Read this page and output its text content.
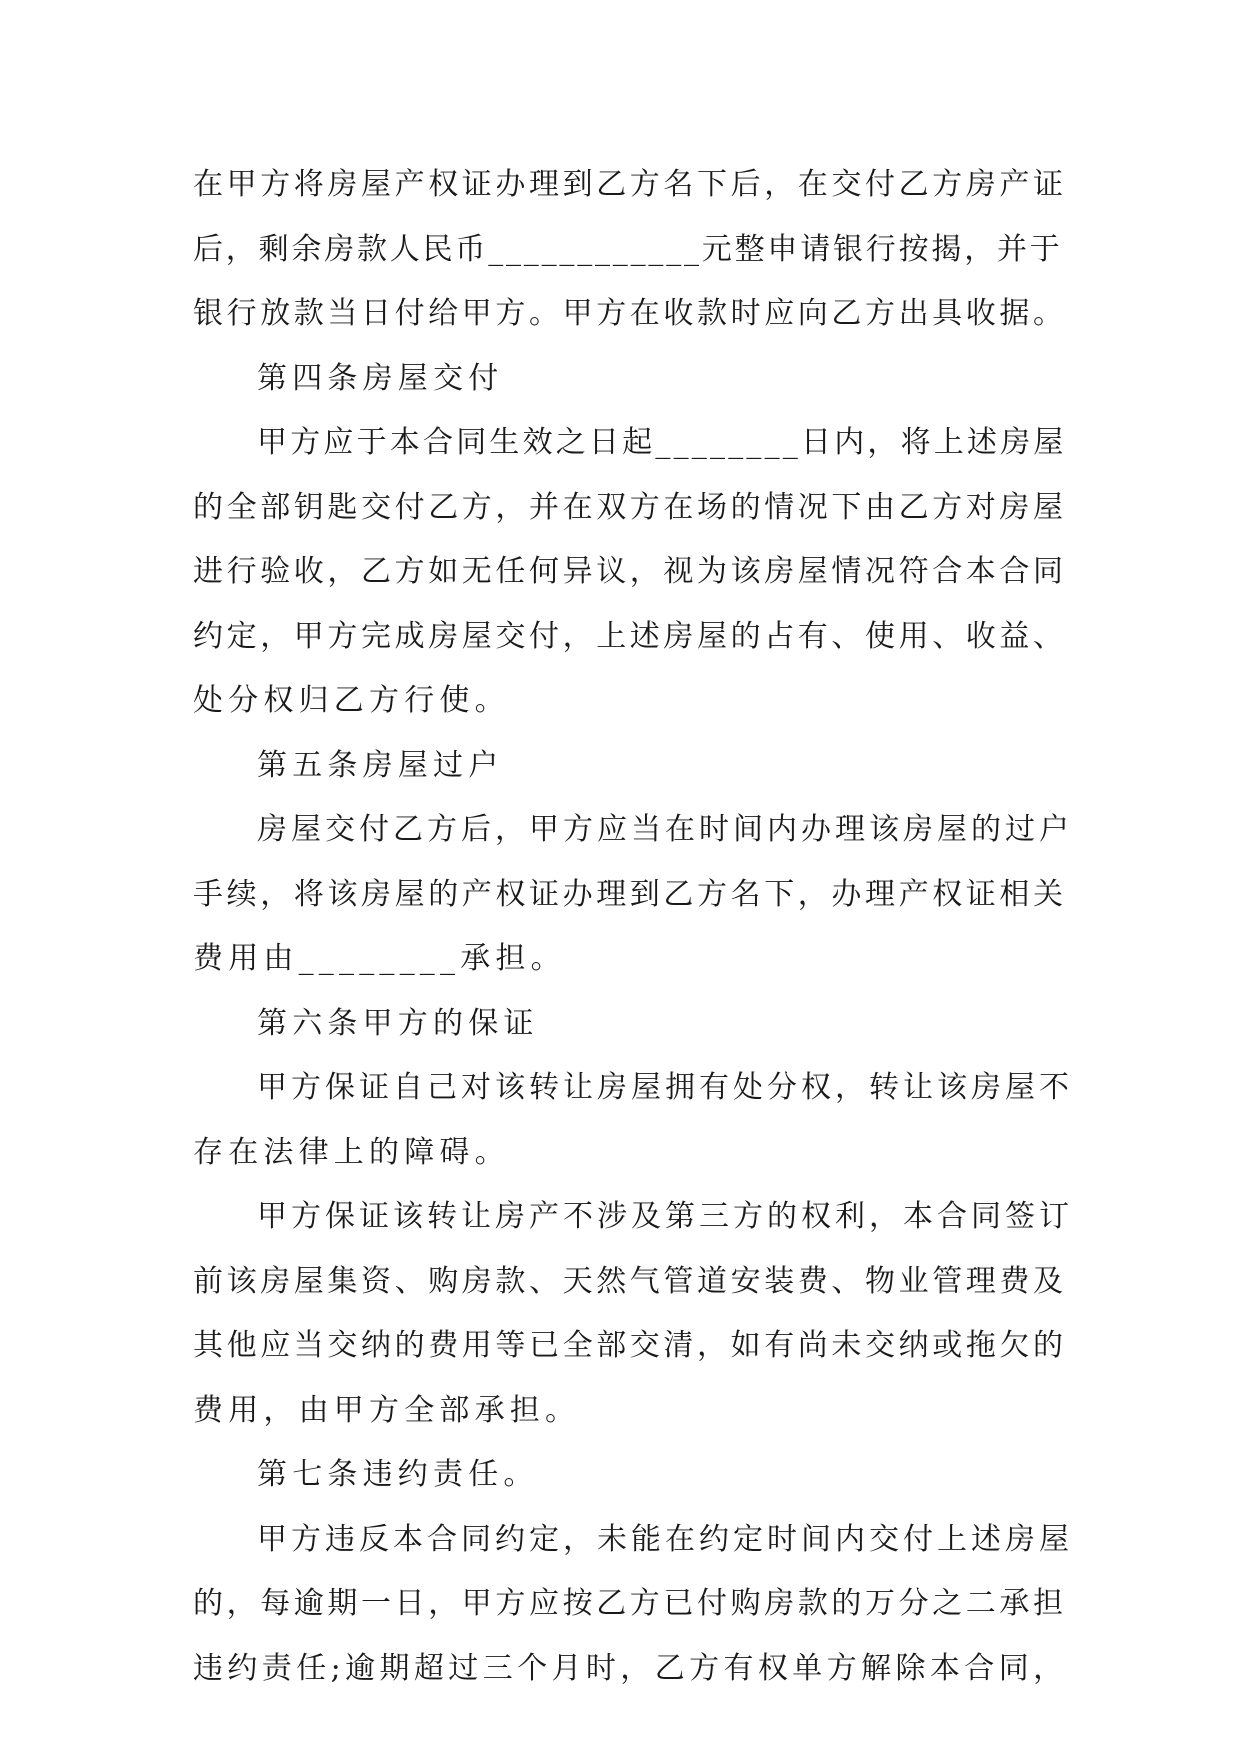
在甲方将房屋产权证办理到乙方名下后，在交付乙方房产证
后，剩余房款人民币____________元整申请银行按揭，并于
银行放款当日付给甲方。甲方在收款时应向乙方出具收据。
第四条房屋交付
甲方应于本合同生效之日起________日内，将上述房屋
的全部钥匙交付乙方，并在双方在场的情况下由乙方对房屋
进行验收，乙方如无任何异议，视为该房屋情况符合本合同
约定，甲方完成房屋交付，上述房屋的占有、使用、收益、
处分权归乙方行使。
第五条房屋过户
房屋交付乙方后，甲方应当在时间内办理该房屋的过户
手续，将该房屋的产权证办理到乙方名下，办理产权证相关
费用由________承担。
第六条甲方的保证
甲方保证自己对该转让房屋拥有处分权，转让该房屋不
存在法律上的障碍。
甲方保证该转让房产不涉及第三方的权利，本合同签订
前该房屋集资、购房款、天然气管道安装费、物业管理费及
其他应当交纳的费用等已全部交清，如有尚未交纳或拖欠的
费用，由甲方全部承担。
第七条违约责任。
甲方违反本合同约定，未能在约定时间内交付上述房屋
的，每逾期一日，甲方应按乙方已付购房款的万分之二承担
违约责任;逾期超过三个月时，乙方有权单方解除本合同，
